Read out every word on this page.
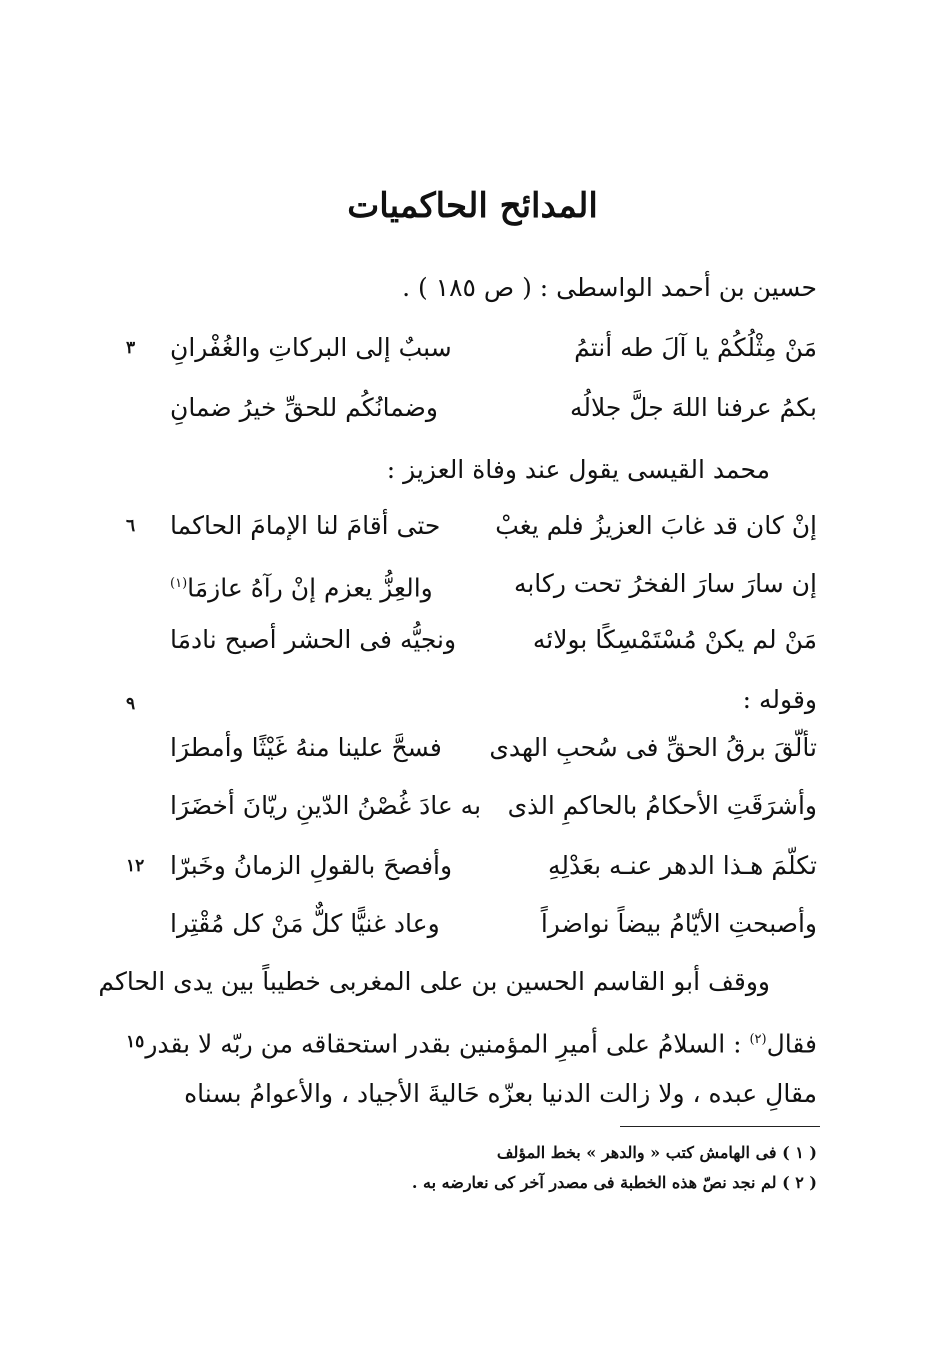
المدائح الحاكميات
حسين بن أحمد الواسطى : ( ص ١٨٥ ) .
مَنْ مِثْلُكُمْ يا آلَ طه أنتمُ
سببٌ إلى البركاتِ والغُفْرانِ
٣
بكمُ عرفنا اللهَ جلَّ جلالُه
وضمانُكُم للحقِّ خيرُ ضمانِ
محمد القيسى يقول عند وفاة العزيز :
إنْ كان قد غابَ العزيزُ فلم يغبْ
حتى أقامَ لنا الإمامَ الحاكما
٦
إن سارَ سارَ الفخرُ تحت ركابه
والعِزُّ يعزم إنْ رآهُ عازمَا$^{(١)}$
مَنْ لم يكنْ مُسْتَمْسِكًا بولائه
ونجيُّه فى الحشر أصبح نادمَا
وقوله :
٩
تألّقَ برقُ الحقِّ فى سُحبِ الهدى
فسحَّ علينا منهُ غَيْثًا وأمطرَا
وأشرَقَتِ الأحكامُ بالحاكمِ الذى
به عادَ غُصْنُ الدّينِ ريّانَ أخضَرَا
تكلّمَ هـذا الدهر عنـه بعَدْلِهِ
وأفصحَ بالقولِ الزمانُ وخَبرّا
١٢
وأصبحتِ الأيّامُ بيضاً نواضراً
وعاد غنيًّا كلٌّ مَنْ كل مُقْتِرا
ووقف أبو القاسم الحسين بن على المغربى خطيباً بين يدى الحاكم
فقال$^{(٢)}$ : السلامُ على أميرِ المؤمنين بقدر استحقاقه من ربّه لا بقدر
١٥
مقالِ عبده ، ولا زالت الدنيا بعزّه حَاليةَ الأجياد ، والأعوامُ بسناه
( ١ ) فى الهامش كتب « والدهر » بخط المؤلف
( ٢ ) لم نجد نصّ هذه الخطبة فى مصدر آخر كى نعارضه به .
